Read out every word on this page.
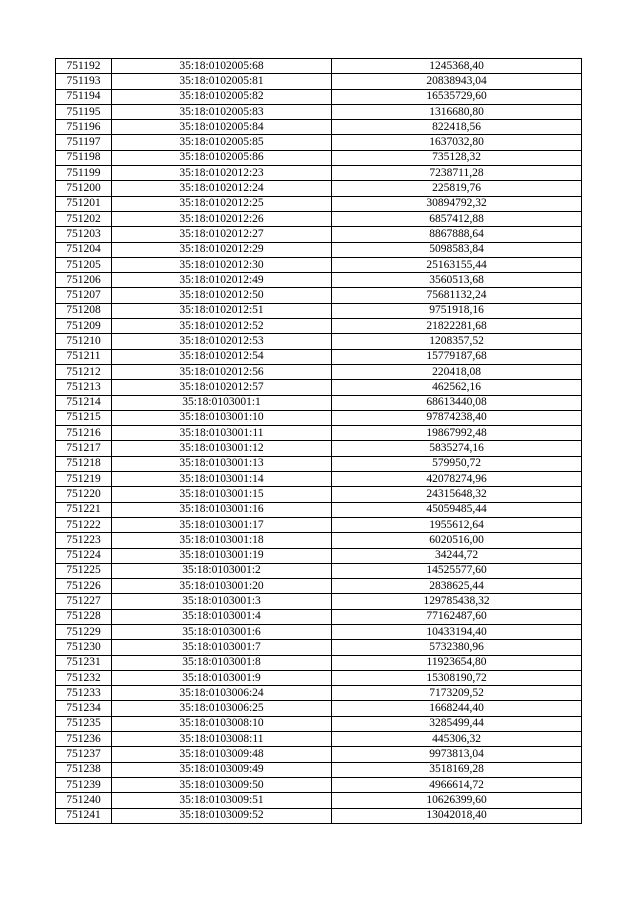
751192	35:18:0102005:68	1245368,40
751193	35:18:0102005:81	20838943,04
751194	35:18:0102005:82	16535729,60
751195	35:18:0102005:83	1316680,80
751196	35:18:0102005:84	822418,56
751197	35:18:0102005:85	1637032,80
751198	35:18:0102005:86	735128,32
751199	35:18:0102012:23	7238711,28
751200	35:18:0102012:24	225819,76
751201	35:18:0102012:25	30894792,32
751202	35:18:0102012:26	6857412,88
751203	35:18:0102012:27	8867888,64
751204	35:18:0102012:29	5098583,84
751205	35:18:0102012:30	25163155,44
751206	35:18:0102012:49	3560513,68
751207	35:18:0102012:50	75681132,24
751208	35:18:0102012:51	9751918,16
751209	35:18:0102012:52	21822281,68
751210	35:18:0102012:53	1208357,52
751211	35:18:0102012:54	15779187,68
751212	35:18:0102012:56	220418,08
751213	35:18:0102012:57	462562,16
751214	35:18:0103001:1	68613440,08
751215	35:18:0103001:10	97874238,40
751216	35:18:0103001:11	19867992,48
751217	35:18:0103001:12	5835274,16
751218	35:18:0103001:13	579950,72
751219	35:18:0103001:14	42078274,96
751220	35:18:0103001:15	24315648,32
751221	35:18:0103001:16	45059485,44
751222	35:18:0103001:17	1955612,64
751223	35:18:0103001:18	6020516,00
751224	35:18:0103001:19	34244,72
751225	35:18:0103001:2	14525577,60
751226	35:18:0103001:20	2838625,44
751227	35:18:0103001:3	129785438,32
751228	35:18:0103001:4	77162487,60
751229	35:18:0103001:6	10433194,40
751230	35:18:0103001:7	5732380,96
751231	35:18:0103001:8	11923654,80
751232	35:18:0103001:9	15308190,72
751233	35:18:0103006:24	7173209,52
751234	35:18:0103006:25	1668244,40
751235	35:18:0103008:10	3285499,44
751236	35:18:0103008:11	445306,32
751237	35:18:0103009:48	9973813,04
751238	35:18:0103009:49	3518169,28
751239	35:18:0103009:50	4966614,72
751240	35:18:0103009:51	10626399,60
751241	35:18:0103009:52	13042018,40
